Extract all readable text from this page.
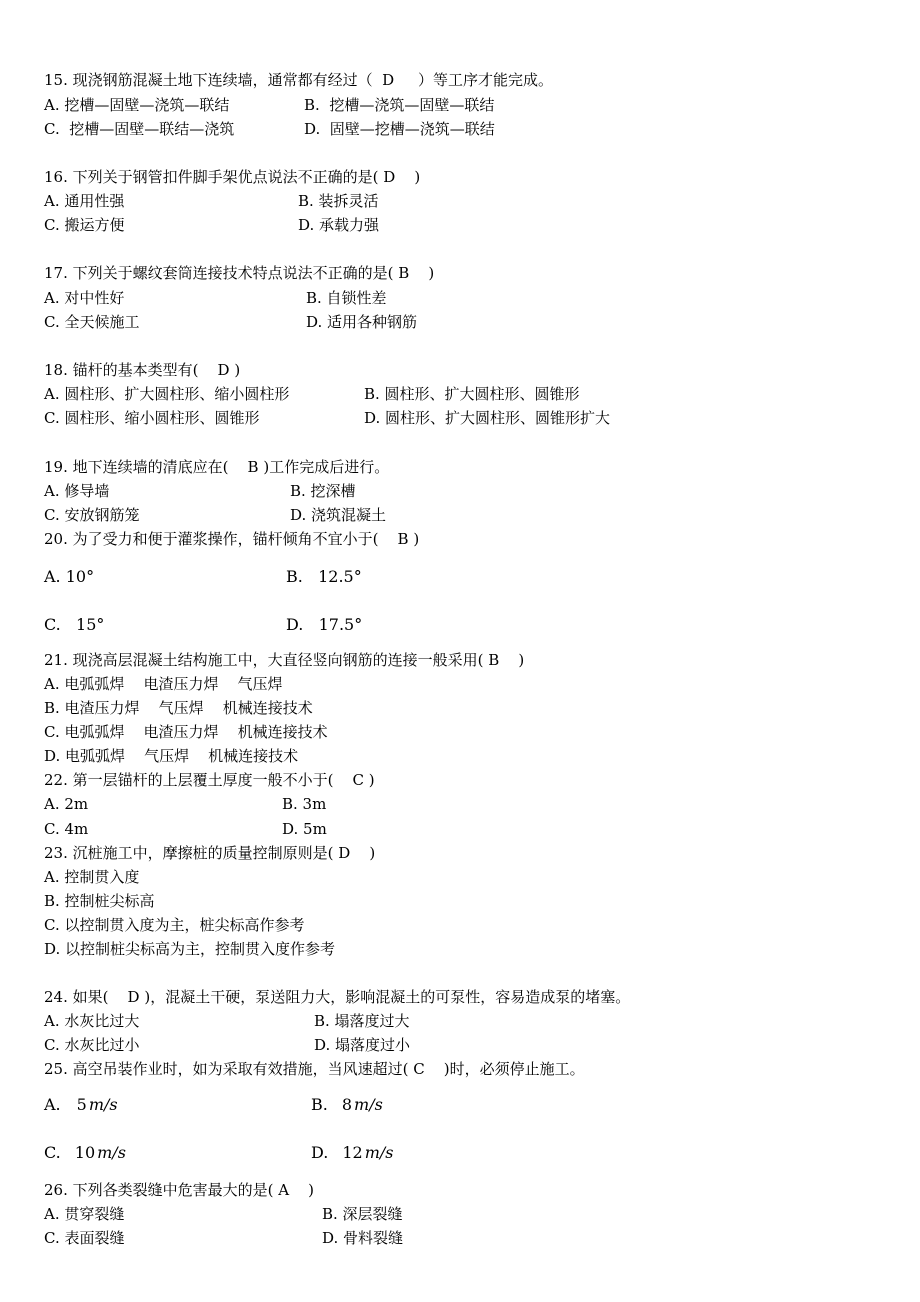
15. 现浇钢筋混凝土地下连续墙，通常都有经过（  D     ）等工序才能完成。
A. 挖槽—固壁—浇筑—联结	B.  挖槽—浇筑—固壁—联结
C.  挖槽—固壁—联结—浇筑	D.  固壁—挖槽—浇筑—联结
16. 下列关于钢管扣件脚手架优点说法不正确的是( D    )
A. 通用性强	B. 装拆灵活
C. 搬运方便	D. 承载力强
17. 下列关于螺纹套筒连接技术特点说法不正确的是( B    )
A. 对中性好	B. 自锁性差
C. 全天候施工	D. 适用各种钢筋
18. 锚杆的基本类型有(    D )
A. 圆柱形、扩大圆柱形、缩小圆柱形	B. 圆柱形、扩大圆柱形、圆锥形
C. 圆柱形、缩小圆柱形、圆锥形	D. 圆柱形、扩大圆柱形、圆锥形扩大
19. 地下连续墙的清底应在(    B )工作完成后进行。
A. 修导墙	B. 挖深槽
C. 安放钢筋笼	D. 浇筑混凝土
20. 为了受力和便于灌浆操作，锚杆倾角不宜小于(    B )
A. 10°	B.   12.5°
C.   15°	D.   17.5°
21. 现浇高层混凝土结构施工中，大直径竖向钢筋的连接一般采用( B    )
A. 电弧弧焊    电渣压力焊    气压焊
B. 电渣压力焊    气压焊    机械连接技术
C. 电弧弧焊    电渣压力焊    机械连接技术
D. 电弧弧焊    气压焊    机械连接技术
22. 第一层锚杆的上层覆土厚度一般不小于(    C )
A. 2m	B. 3m
C. 4m	D. 5m
23. 沉桩施工中，摩擦桩的质量控制原则是( D    )
A. 控制贯入度
B. 控制桩尖标高
C. 以控制贯入度为主，桩尖标高作参考
D. 以控制桩尖标高为主，控制贯入度作参考
24. 如果(    D )，混凝土干硬，泵送阻力大，影响混凝土的可泵性，容易造成泵的堵塞。
A. 水灰比过大	B. 塌落度过大
C. 水灰比过小	D. 塌落度过小
25. 高空吊装作业时，如为采取有效措施，当风速超过( C    )时，必须停止施工。
A. 5 m/s	B. 8 m/s
C. 10 m/s	D. 12 m/s
26. 下列各类裂缝中危害最大的是( A    )
A. 贯穿裂缝	B. 深层裂缝
C. 表面裂缝	D. 骨料裂缝
